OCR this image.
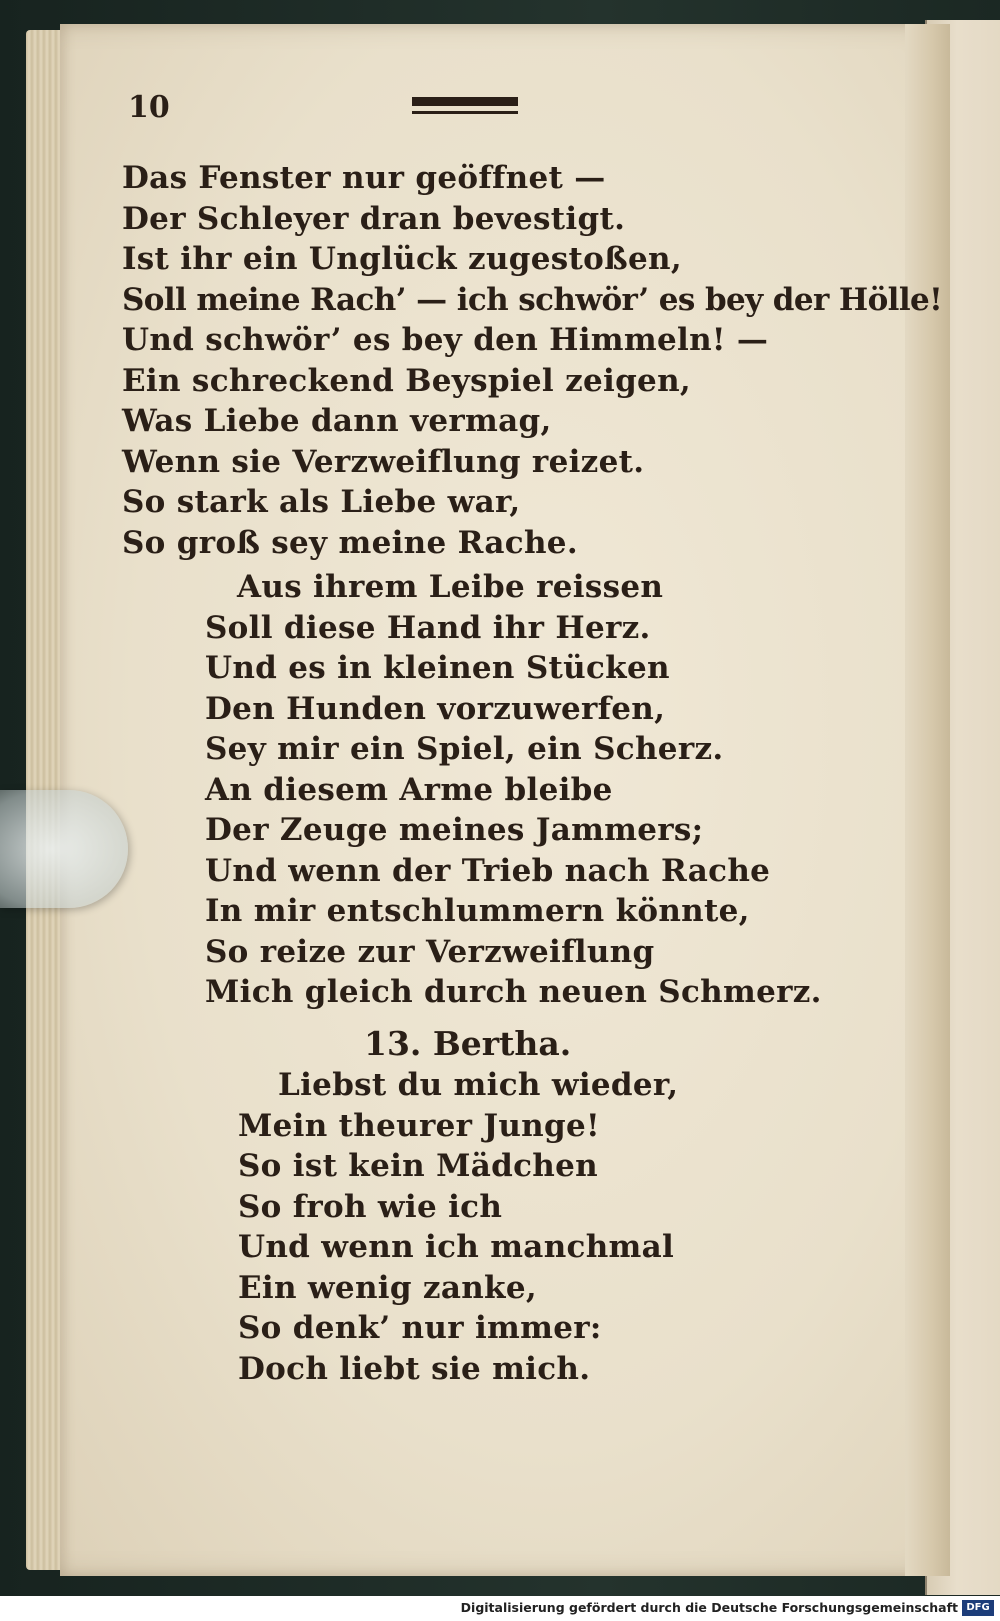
10
Das Fenster nur geöffnet —
Der Schleyer dran bevestigt.
Ist ihr ein Unglück zugestoßen,
Soll meine Rach’ — ich schwör’ es bey der Hölle!
Und schwör’ es bey den Himmeln! —
Ein schreckend Beyspiel zeigen,
Was Liebe dann vermag,
Wenn sie Verzweiflung reizet.
So stark als Liebe war,
So groß sey meine Rache.
Aus ihrem Leibe reissen
Soll diese Hand ihr Herz.
Und es in kleinen Stücken
Den Hunden vorzuwerfen,
Sey mir ein Spiel, ein Scherz.
An diesem Arme bleibe
Der Zeuge meines Jammers;
Und wenn der Trieb nach Rache
In mir entschlummern könnte,
So reize zur Verzweiflung
Mich gleich durch neuen Schmerz.
13. Bertha.
Liebst du mich wieder,
Mein theurer Junge!
So ist kein Mädchen
So froh wie ich
Und wenn ich manchmal
Ein wenig zanke,
So denk’ nur immer:
Doch liebt sie mich.
Digitalisierung gefördert durch die Deutsche Forschungsgemeinschaft DFG
